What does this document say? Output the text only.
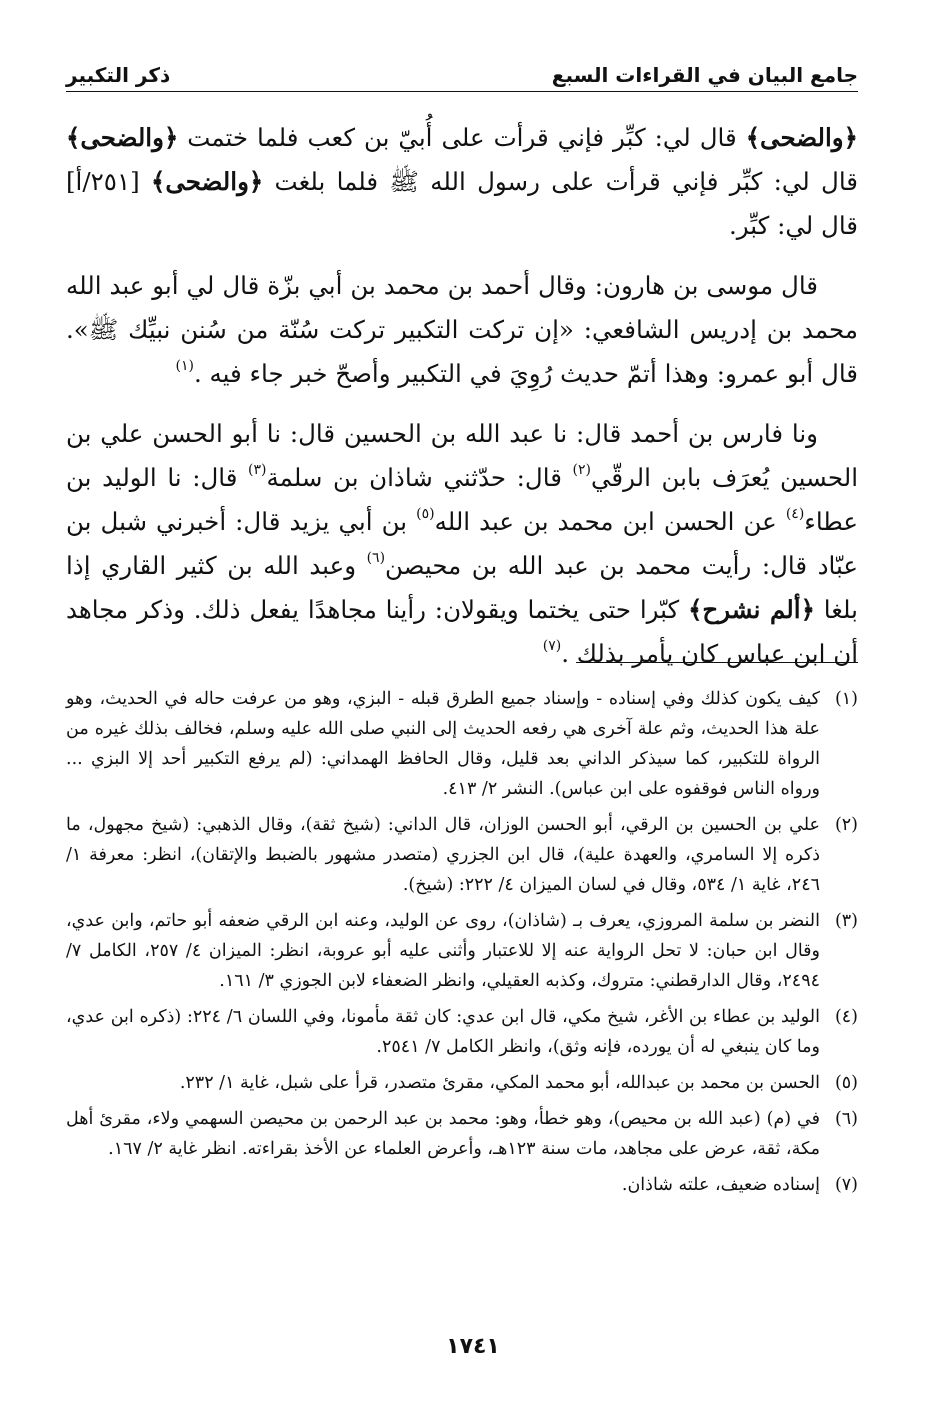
جامع البيان في القراءات السبع
ذكر التكبير

﴿والضحى﴾ قال لي: كبِّر فإني قرأت على أُبيّ بن كعب فلما ختمت ﴿والضحى﴾ قال لي: كبِّر فإني قرأت على رسول الله ﷺ فلما بلغت ﴿والضحى﴾ [٢٥١/أ] قال لي: كبِّر.

قال موسى بن هارون: وقال أحمد بن محمد بن أبي بزّة قال لي أبو عبد الله محمد بن إدريس الشافعي: «إن تركت التكبير تركت سُنّة من سُنن نبيِّك ﷺ». قال أبو عمرو: وهذا أتمّ حديث رُوِيَ في التكبير وأصحّ خبر جاء فيه .$^{(١)}$

ونا فارس بن أحمد قال: نا عبد الله بن الحسين قال: نا أبو الحسن علي بن الحسين يُعرَف بابن الرقّي$^{(٢)}$ قال: حدّثني شاذان بن سلمة$^{(٣)}$ قال: نا الوليد بن عطاء$^{(٤)}$ عن الحسن ابن محمد بن عبد الله$^{(٥)}$ بن أبي يزيد قال: أخبرني شبل بن عبّاد قال: رأيت محمد بن عبد الله بن محيصن$^{(٦)}$ وعبد الله بن كثير القاري إذا بلغا ﴿ألم نشرح﴾ كبّرا حتى يختما ويقولان: رأينا مجاهدًا يفعل ذلك. وذكر مجاهد أن ابن عباس كان يأمر بذلك .$^{(٧)}$

(١)
كيف يكون كذلك وفي إسناده - وإسناد جميع الطرق قبله - البزي، وهو من عرفت حاله في الحديث، وهو علة هذا الحديث، وثم علة آخرى هي رفعه الحديث إلى النبي صلى الله عليه وسلم، فخالف بذلك غيره من الرواة للتكبير، كما سيذكر الداني بعد قليل، وقال الحافظ الهمداني: (لم يرفع التكبير أحد إلا البزي ... ورواه الناس فوقفوه على ابن عباس). النشر ٢/ ٤١٣.
(٢)
علي بن الحسين بن الرقي، أبو الحسن الوزان، قال الداني: (شيخ ثقة)، وقال الذهبي: (شيخ مجهول، ما ذكره إلا السامري، والعهدة علية)، قال ابن الجزري (متصدر مشهور بالضبط والإتقان)، انظر: معرفة ١/ ٢٤٦، غاية ١/ ٥٣٤، وقال في لسان الميزان ٤/ ٢٢٢: (شيخ).
(٣)
النضر بن سلمة المروزي، يعرف بـ (شاذان)، روى عن الوليد، وعنه ابن الرقي ضعفه أبو حاتم، وابن عدي، وقال ابن حبان: لا تحل الرواية عنه إلا للاعتبار وأثنى عليه أبو عروبة، انظر: الميزان ٤/ ٢٥٧، الكامل ٧/ ٢٤٩٤، وقال الدارقطني: متروك، وكذبه العقيلي، وانظر الضعفاء لابن الجوزي ٣/ ١٦١.
(٤)
الوليد بن عطاء بن الأغر، شيخ مكي، قال ابن عدي: كان ثقة مأمونا، وفي اللسان ٦/ ٢٢٤: (ذكره ابن عدي، وما كان ينبغي له أن يورده، فإنه وثق)، وانظر الكامل ٧/ ٢٥٤١.
(٥)
الحسن بن محمد بن عبدالله، أبو محمد المكي، مقرئ متصدر، قرأ على شبل، غاية ١/ ٢٣٢.
(٦)
في (م) (عبد الله بن محيص)، وهو خطأ، وهو: محمد بن عبد الرحمن بن محيصن السهمي ولاء، مقرئ أهل مكة، ثقة، عرض على مجاهد، مات سنة ١٢٣هـ، وأعرض العلماء عن الأخذ بقراءته. انظر غاية ٢/ ١٦٧.
(٧)
إسناده ضعيف، علته شاذان.
١٧٤١
